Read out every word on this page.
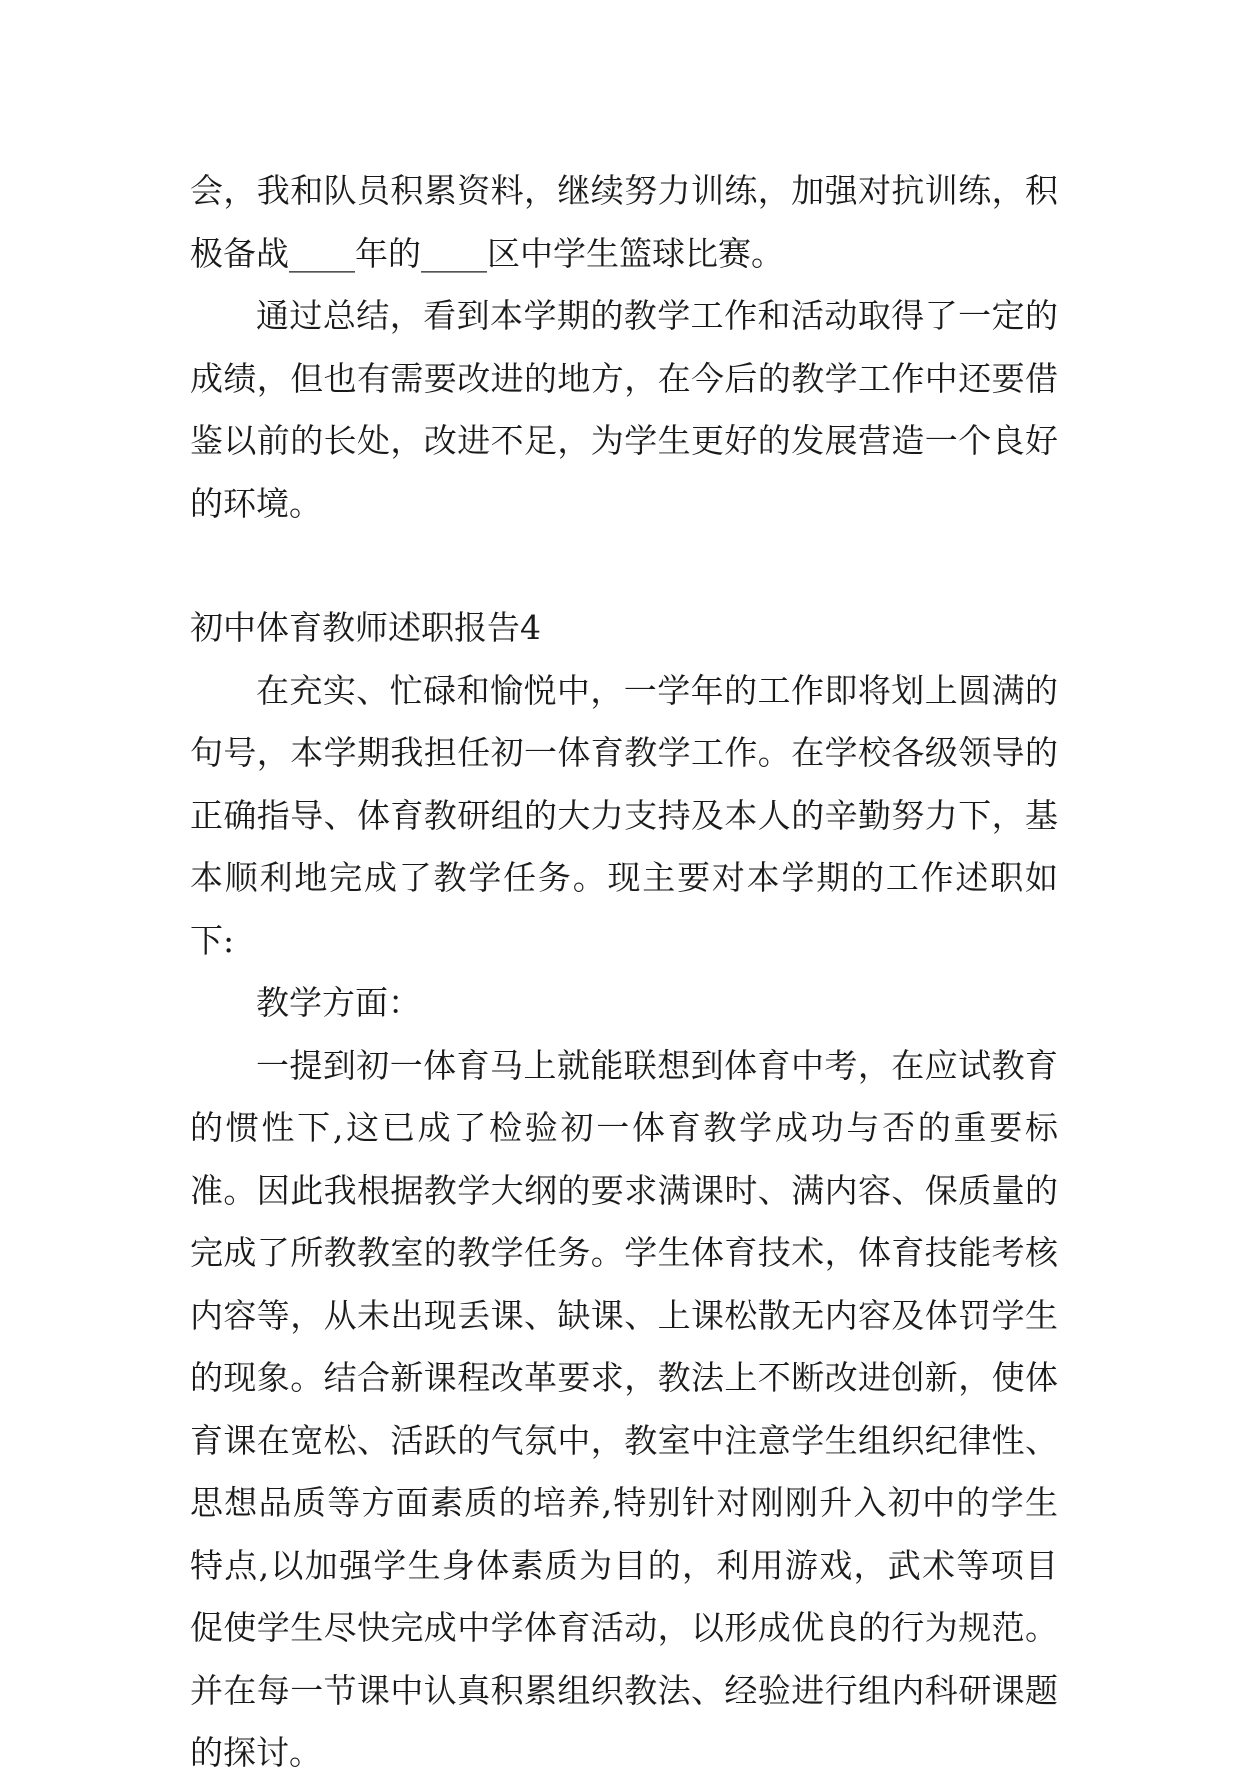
会，我和队员积累资料，继续努力训练，加强对抗训练，积极备战____年的____区中学生篮球比赛。

通过总结，看到本学期的教学工作和活动取得了一定的成绩，但也有需要改进的地方，在今后的教学工作中还要借鉴以前的长处，改进不足，为学生更好的发展营造一个良好的环境。

初中体育教师述职报告4

在充实、忙碌和愉悦中，一学年的工作即将划上圆满的句号，本学期我担任初一体育教学工作。在学校各级领导的正确指导、体育教研组的大力支持及本人的辛勤努力下，基本顺利地完成了教学任务。现主要对本学期的工作述职如下:

教学方面：

一提到初一体育马上就能联想到体育中考，在应试教育的惯性下,这已成了检验初一体育教学成功与否的重要标准。因此我根据教学大纲的要求满课时、满内容、保质量的完成了所教教室的教学任务。学生体育技术，体育技能考核内容等，从未出现丢课、缺课、上课松散无内容及体罚学生的现象。结合新课程改革要求，教法上不断改进创新，使体育课在宽松、活跃的气氛中，教室中注意学生组织纪律性、思想品质等方面素质的培养,特别针对刚刚升入初中的学生特点,以加强学生身体素质为目的，利用游戏，武术等项目促使学生尽快完成中学体育活动，以形成优良的行为规范。并在每一节课中认真积累组织教法、经验进行组内科研课题的探讨。
